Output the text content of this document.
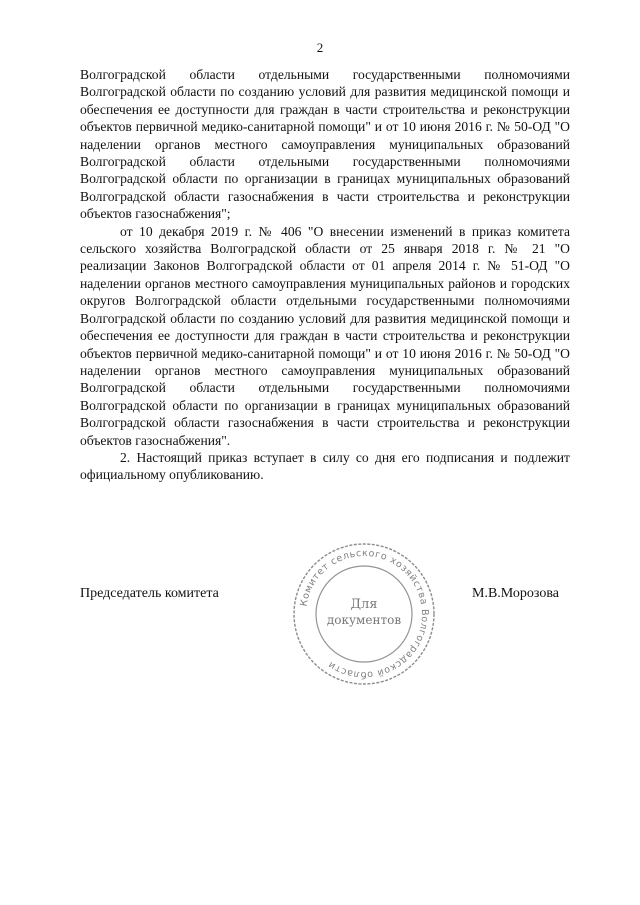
2

Волгоградской области отдельными государственными полномочиями Волгоградской области по созданию условий для развития медицинской помощи и обеспечения ее доступности для граждан в части строительства и реконструкции объектов первичной медико-санитарной помощи" и от 10 июня 2016 г. № 50-ОД "О наделении органов местного самоуправления муниципальных образований Волгоградской области отдельными государственными полномочиями Волгоградской области по организации в границах муниципальных образований Волгоградской области газоснабжения в части строительства и реконструкции объектов газоснабжения";

от 10 декабря 2019 г. № 406 "О внесении изменений в приказ комитета сельского хозяйства Волгоградской области от 25 января 2018 г. № 21 "О реализации Законов Волгоградской области от 01 апреля 2014 г. № 51-ОД "О наделении органов местного самоуправления муниципальных районов и городских округов Волгоградской области отдельными государственными полномочиями Волгоградской области по созданию условий для развития медицинской помощи и обеспечения ее доступности для граждан в части строительства и реконструкции объектов первичной медико-санитарной помощи" и от 10 июня 2016 г. № 50-ОД "О наделении органов местного самоуправления муниципальных образований Волгоградской области отдельными государственными полномочиями Волгоградской области по организации в границах муниципальных образований Волгоградской области газоснабжения в части строительства и реконструкции объектов газоснабжения".

2. Настоящий приказ вступает в силу со дня его подписания и подлежит официальному опубликованию.

Председатель комитета
Комитет сельского хозяйства Волгоградской области
Для
документов
М.В.Морозова
